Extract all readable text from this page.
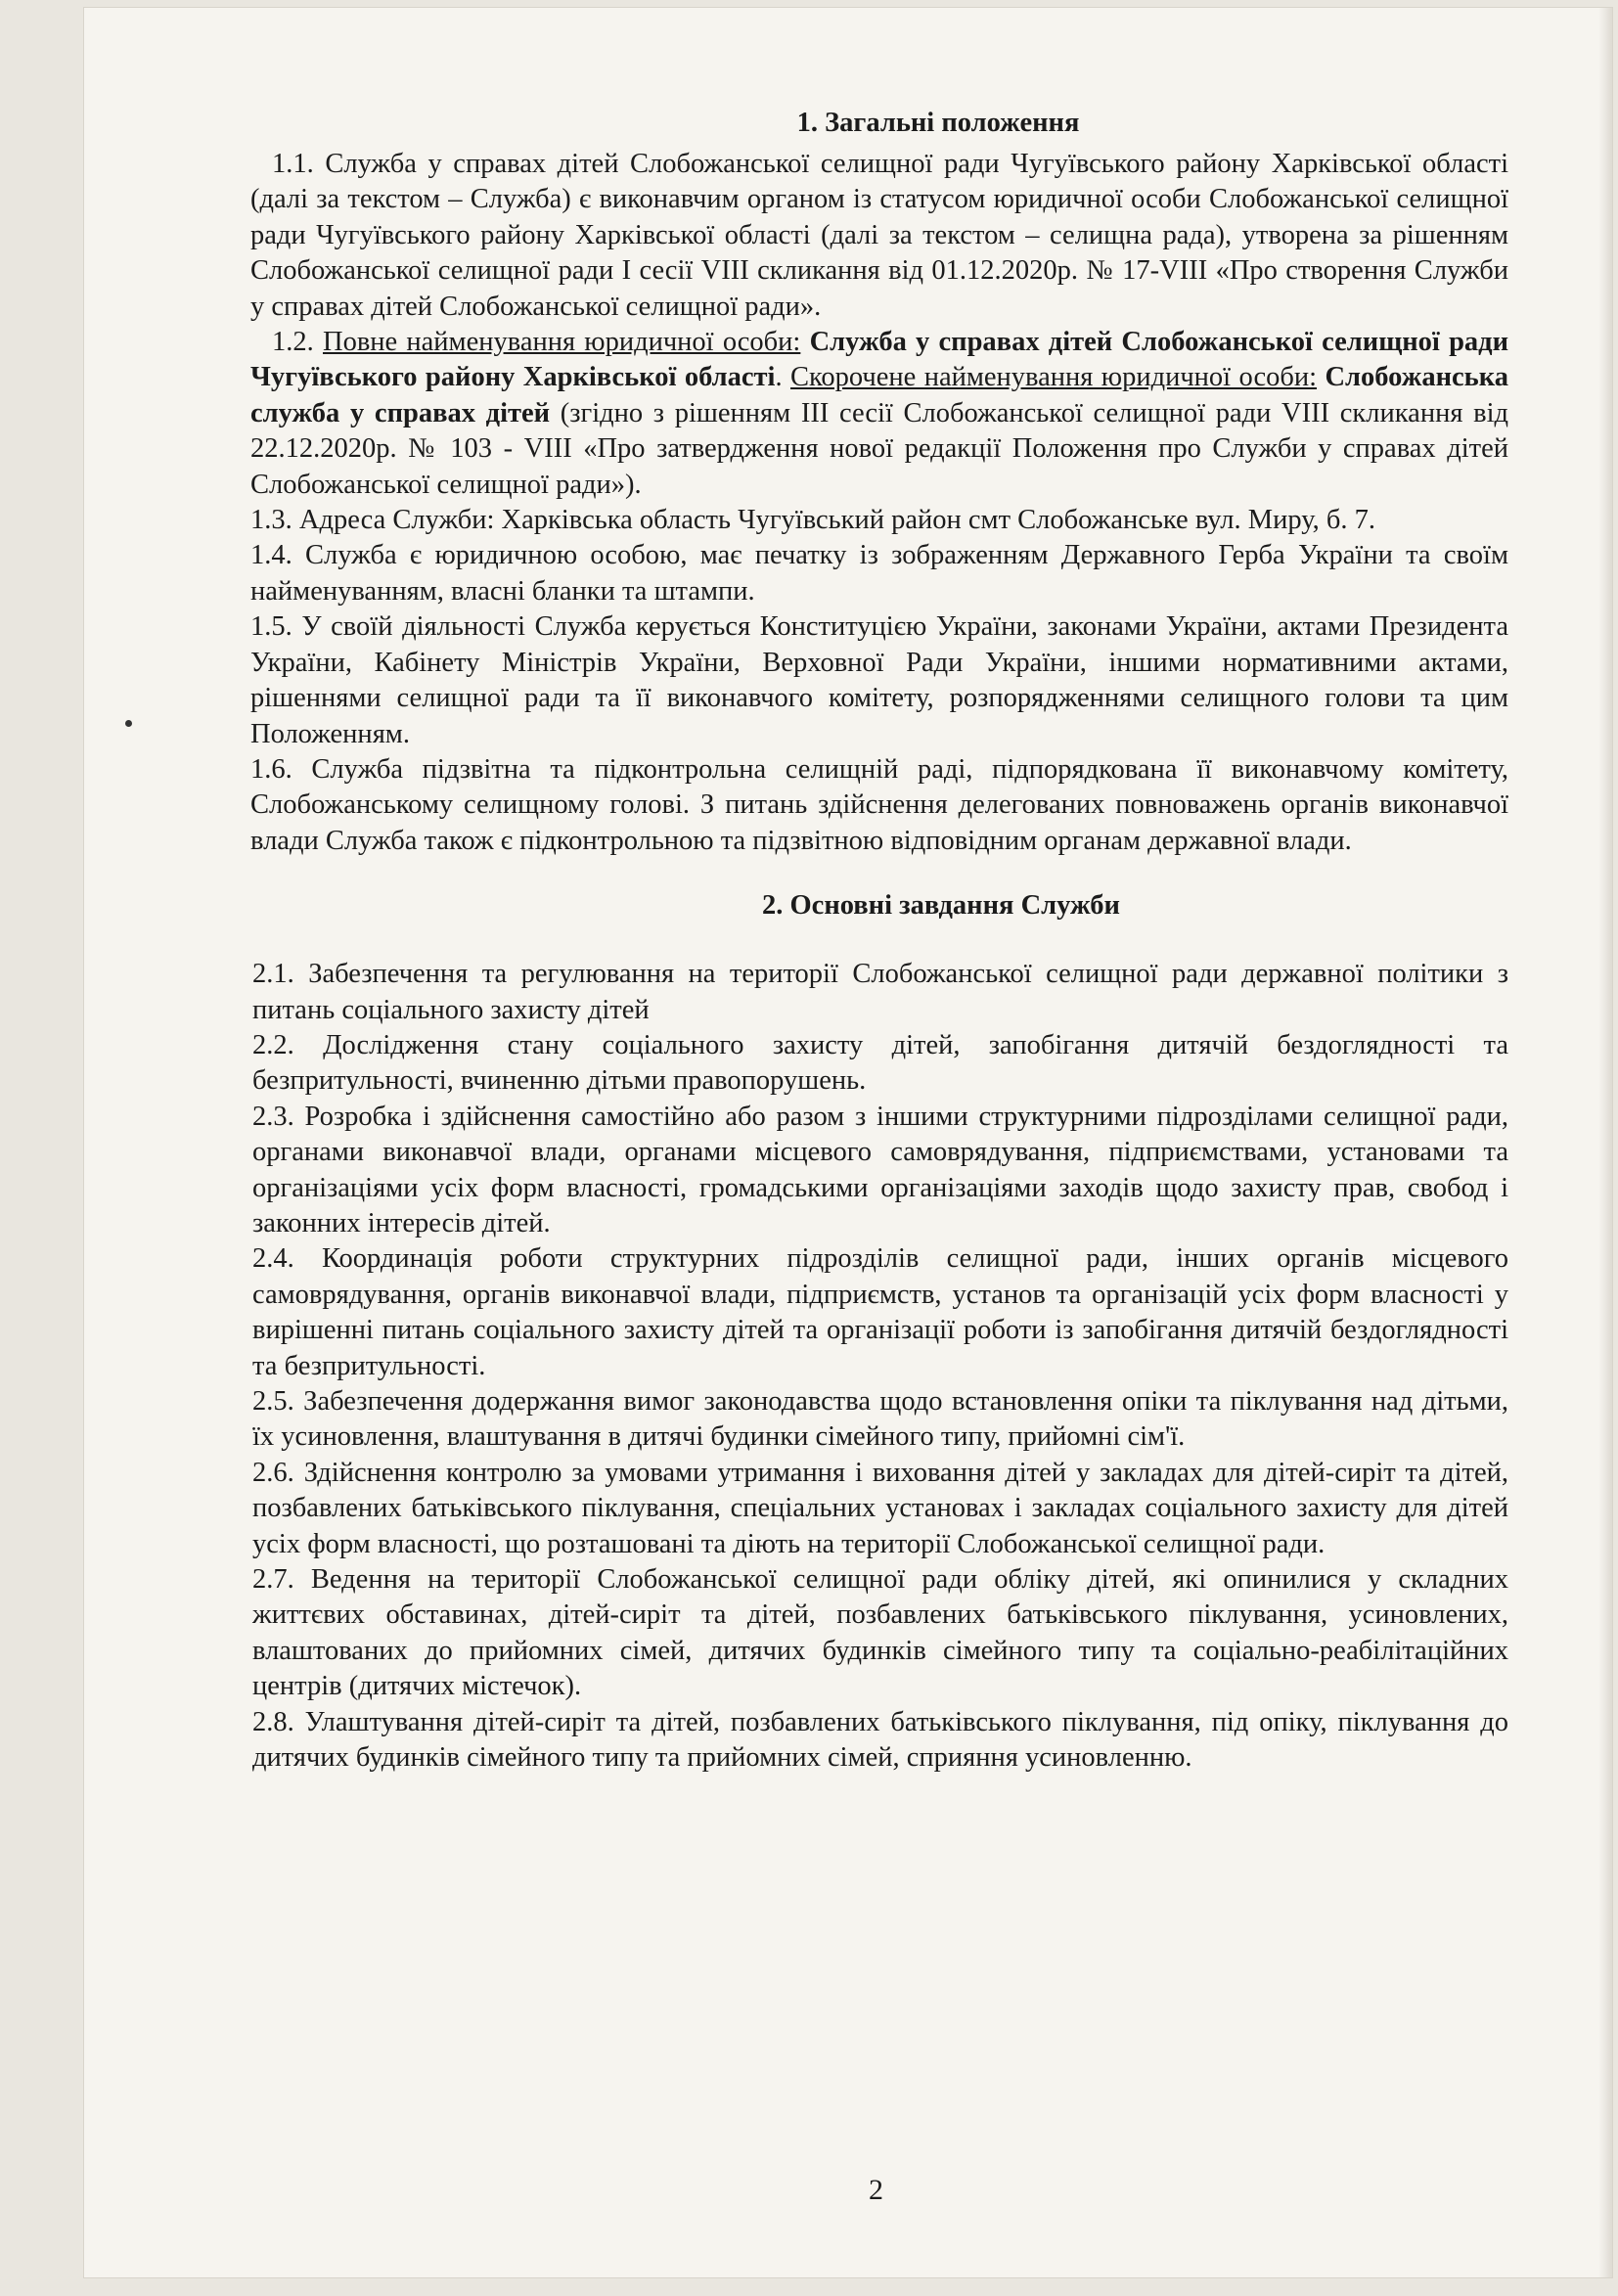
1. Загальні положення

1.1. Служба у справах дітей Слобожанської селищної ради Чугуївського району Харківської області (далі за текстом – Служба) є виконавчим органом із статусом юридичної особи Слобожанської селищної ради Чугуївського району Харківської області (далі за текстом – селищна рада), утворена за рішенням Слобожанської селищної ради І сесії VIII скликання від 01.12.2020р. № 17-VIII «Про створення Служби у справах дітей Слобожанської селищної ради».

1.2. Повне найменування юридичної особи: Служба у справах дітей Слобожанської селищної ради Чугуївського району Харківської області. Скорочене найменування юридичної особи: Слобожанська служба у справах дітей (згідно з рішенням ІІІ сесії Слобожанської селищної ради VIII скликання від 22.12.2020р. № 103 - VIII «Про затвердження нової редакції Положення про Служби у справах дітей Слобожанської селищної ради»).

1.3. Адреса Служби: Харківська область Чугуївський район смт Слобожанське вул. Миру, б. 7.

1.4. Служба є юридичною особою, має печатку із зображенням Державного Герба України та своїм найменуванням, власні бланки та штампи.

1.5. У своїй діяльності Служба керується Конституцією України, законами України, актами Президента України, Кабінету Міністрів України, Верховної Ради України, іншими нормативними актами, рішеннями селищної ради та її виконавчого комітету, розпорядженнями селищного голови та цим Положенням.

1.6. Служба підзвітна та підконтрольна селищній раді, підпорядкована її виконавчому комітету, Слобожанському селищному голові. З питань здійснення делегованих повноважень органів виконавчої влади Служба також є підконтрольною та підзвітною відповідним органам державної влади.

2. Основні завдання Служби

2.1. Забезпечення та регулювання на території Слобожанської селищної ради державної політики з питань соціального захисту дітей

2.2. Дослідження стану соціального захисту дітей, запобігання дитячій бездоглядності та безпритульності, вчиненню дітьми правопорушень.

2.3. Розробка і здійснення самостійно або разом з іншими структурними підрозділами селищної ради, органами виконавчої влади, органами місцевого самоврядування, підприємствами, установами та організаціями усіх форм власності, громадськими організаціями заходів щодо захисту прав, свобод і законних інтересів дітей.

2.4. Координація роботи структурних підрозділів селищної ради, інших органів місцевого самоврядування, органів виконавчої влади, підприємств, установ та організацій усіх форм власності у вирішенні питань соціального захисту дітей та організації роботи із запобігання дитячій бездоглядності та безпритульності.

2.5. Забезпечення додержання вимог законодавства щодо встановлення опіки та піклування над дітьми, їх усиновлення, влаштування в дитячі будинки сімейного типу, прийомні сім'ї.

2.6. Здійснення контролю за умовами утримання і виховання дітей у закладах для дітей-сиріт та дітей, позбавлених батьківського піклування, спеціальних установах і закладах соціального захисту для дітей усіх форм власності, що розташовані та діють на території Слобожанської селищної ради.

2.7. Ведення на території Слобожанської селищної ради обліку дітей, які опинилися у складних життєвих обставинах, дітей-сиріт та дітей, позбавлених батьківського піклування, усиновлених, влаштованих до прийомних сімей, дитячих будинків сімейного типу та соціально-реабілітаційних центрів (дитячих містечок).

2.8. Улаштування дітей-сиріт та дітей, позбавлених батьківського піклування, під опіку, піклування до дитячих будинків сімейного типу та прийомних сімей, сприяння усиновленню.

2
